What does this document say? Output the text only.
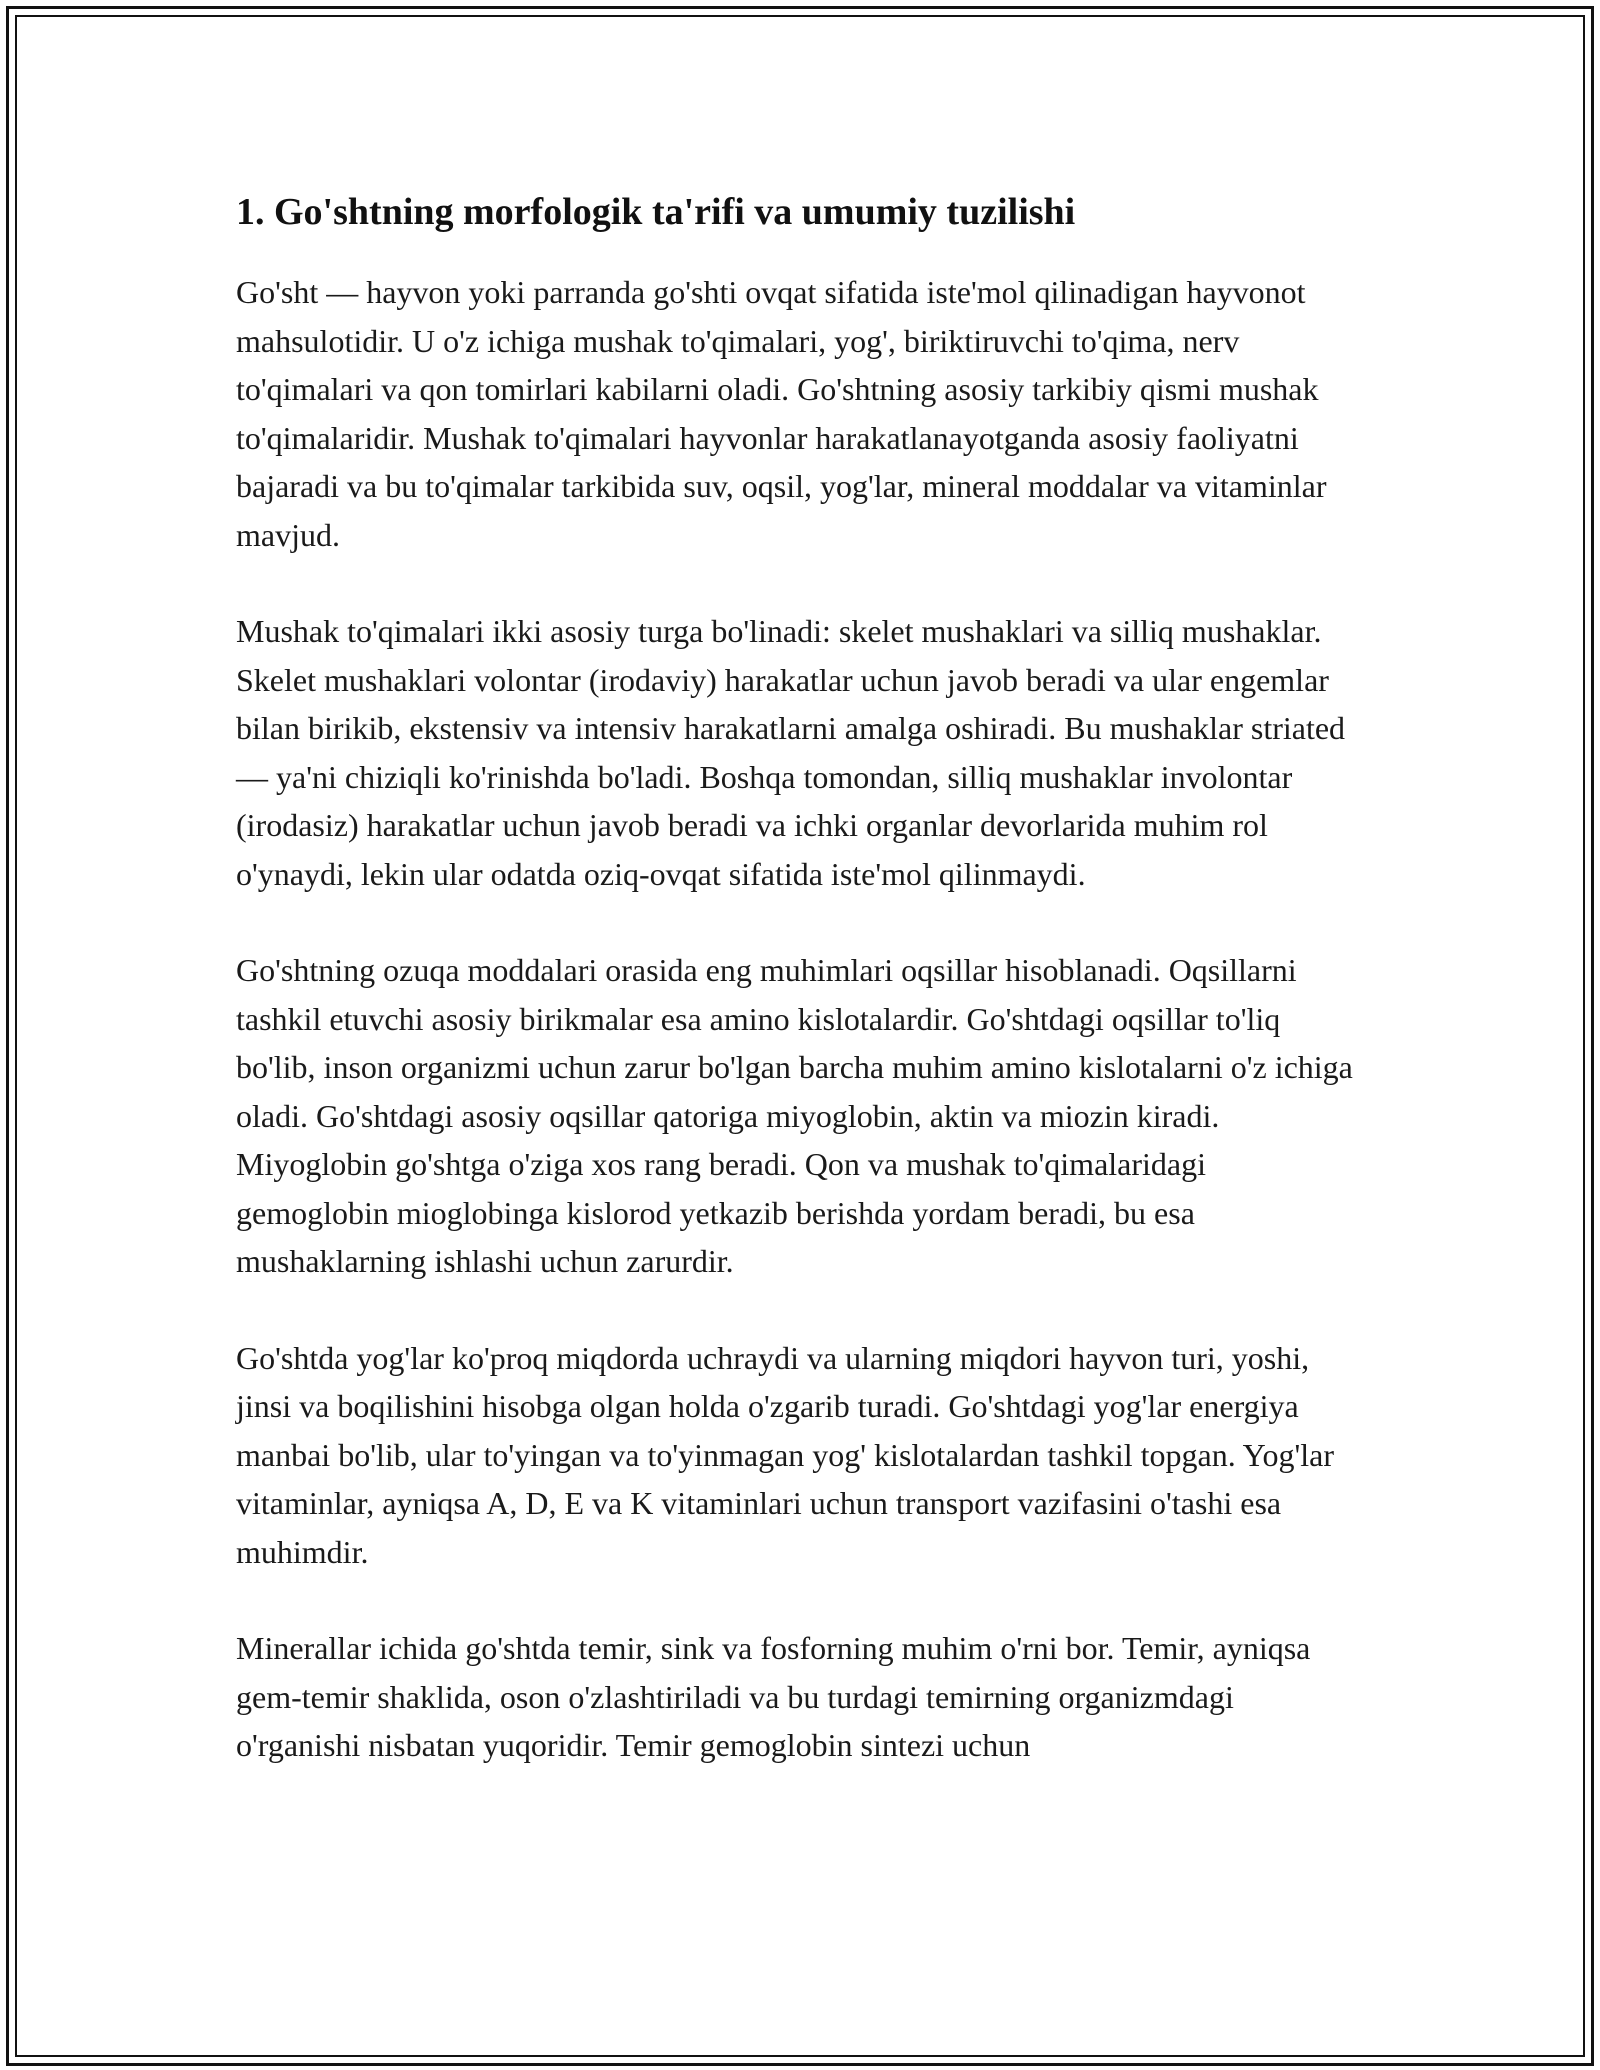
1. Go'shtning morfologik ta'rifi va umumiy tuzilishi

Go'sht — hayvon yoki parranda go'shti ovqat sifatida iste'mol qilinadigan hayvonot mahsulotidir. U o'z ichiga mushak to'qimalari, yog', biriktiruvchi to'qima, nerv to'qimalari va qon tomirlari kabilarni oladi. Go'shtning asosiy tarkibiy qismi mushak to'qimalaridir. Mushak to'qimalari hayvonlar harakatlanayotganda asosiy faoliyatni bajaradi va bu to'qimalar tarkibida suv, oqsil, yog'lar, mineral moddalar va vitaminlar mavjud.

Mushak to'qimalari ikki asosiy turga bo'linadi: skelet mushaklari va silliq mushaklar. Skelet mushaklari volontar (irodaviy) harakatlar uchun javob beradi va ular engemlar bilan birikib, ekstensiv va intensiv harakatlarni amalga oshiradi. Bu mushaklar striated — ya'ni chiziqli ko'rinishda bo'ladi. Boshqa tomondan, silliq mushaklar involontar (irodasiz) harakatlar uchun javob beradi va ichki organlar devorlarida muhim rol o'ynaydi, lekin ular odatda oziq-ovqat sifatida iste'mol qilinmaydi.

Go'shtning ozuqa moddalari orasida eng muhimlari oqsillar hisoblanadi. Oqsillarni tashkil etuvchi asosiy birikmalar esa amino kislotalardir. Go'shtdagi oqsillar to'liq bo'lib, inson organizmi uchun zarur bo'lgan barcha muhim amino kislotalarni o'z ichiga oladi. Go'shtdagi asosiy oqsillar qatoriga miyoglobin, aktin va miozin kiradi. Miyoglobin go'shtga o'ziga xos rang beradi. Qon va mushak to'qimalaridagi gemoglobin mioglobinga kislorod yetkazib berishda yordam beradi, bu esa mushaklarning ishlashi uchun zarurdir.

Go'shtda yog'lar ko'proq miqdorda uchraydi va ularning miqdori hayvon turi, yoshi, jinsi va boqilishini hisobga olgan holda o'zgarib turadi. Go'shtdagi yog'lar energiya manbai bo'lib, ular to'yingan va to'yinmagan yog' kislotalardan tashkil topgan. Yog'lar vitaminlar, ayniqsa A, D, E va K vitaminlari uchun transport vazifasini o'tashi esa muhimdir.

Minerallar ichida go'shtda temir, sink va fosforning muhim o'rni bor. Temir, ayniqsa gem-temir shaklida, oson o'zlashtiriladi va bu turdagi temirning organizmdagi o'rganishi nisbatan yuqoridir. Temir gemoglobin sintezi uchun
